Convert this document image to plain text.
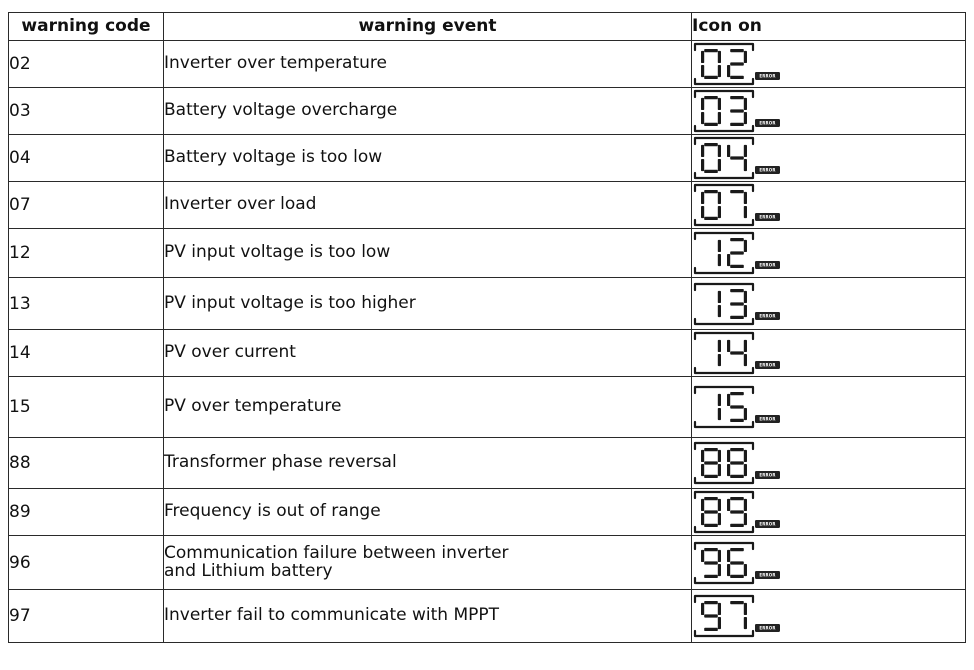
warning code	warning event	Icon on
02	Inverter over temperature	ERROR

03	Battery voltage overcharge	ERROR

04	Battery voltage is too low	ERROR

07	Inverter over load	ERROR

12	PV input voltage is too low	ERROR

13	PV input voltage is too higher	ERROR

14	PV over current	ERROR

15	PV over temperature	ERROR

88	Transformer phase reversal	ERROR

89	Frequency is out of range	ERROR

96	Communication failure between inverter
and Lithium battery	ERROR

97	Inverter fail to communicate with MPPT	ERROR
